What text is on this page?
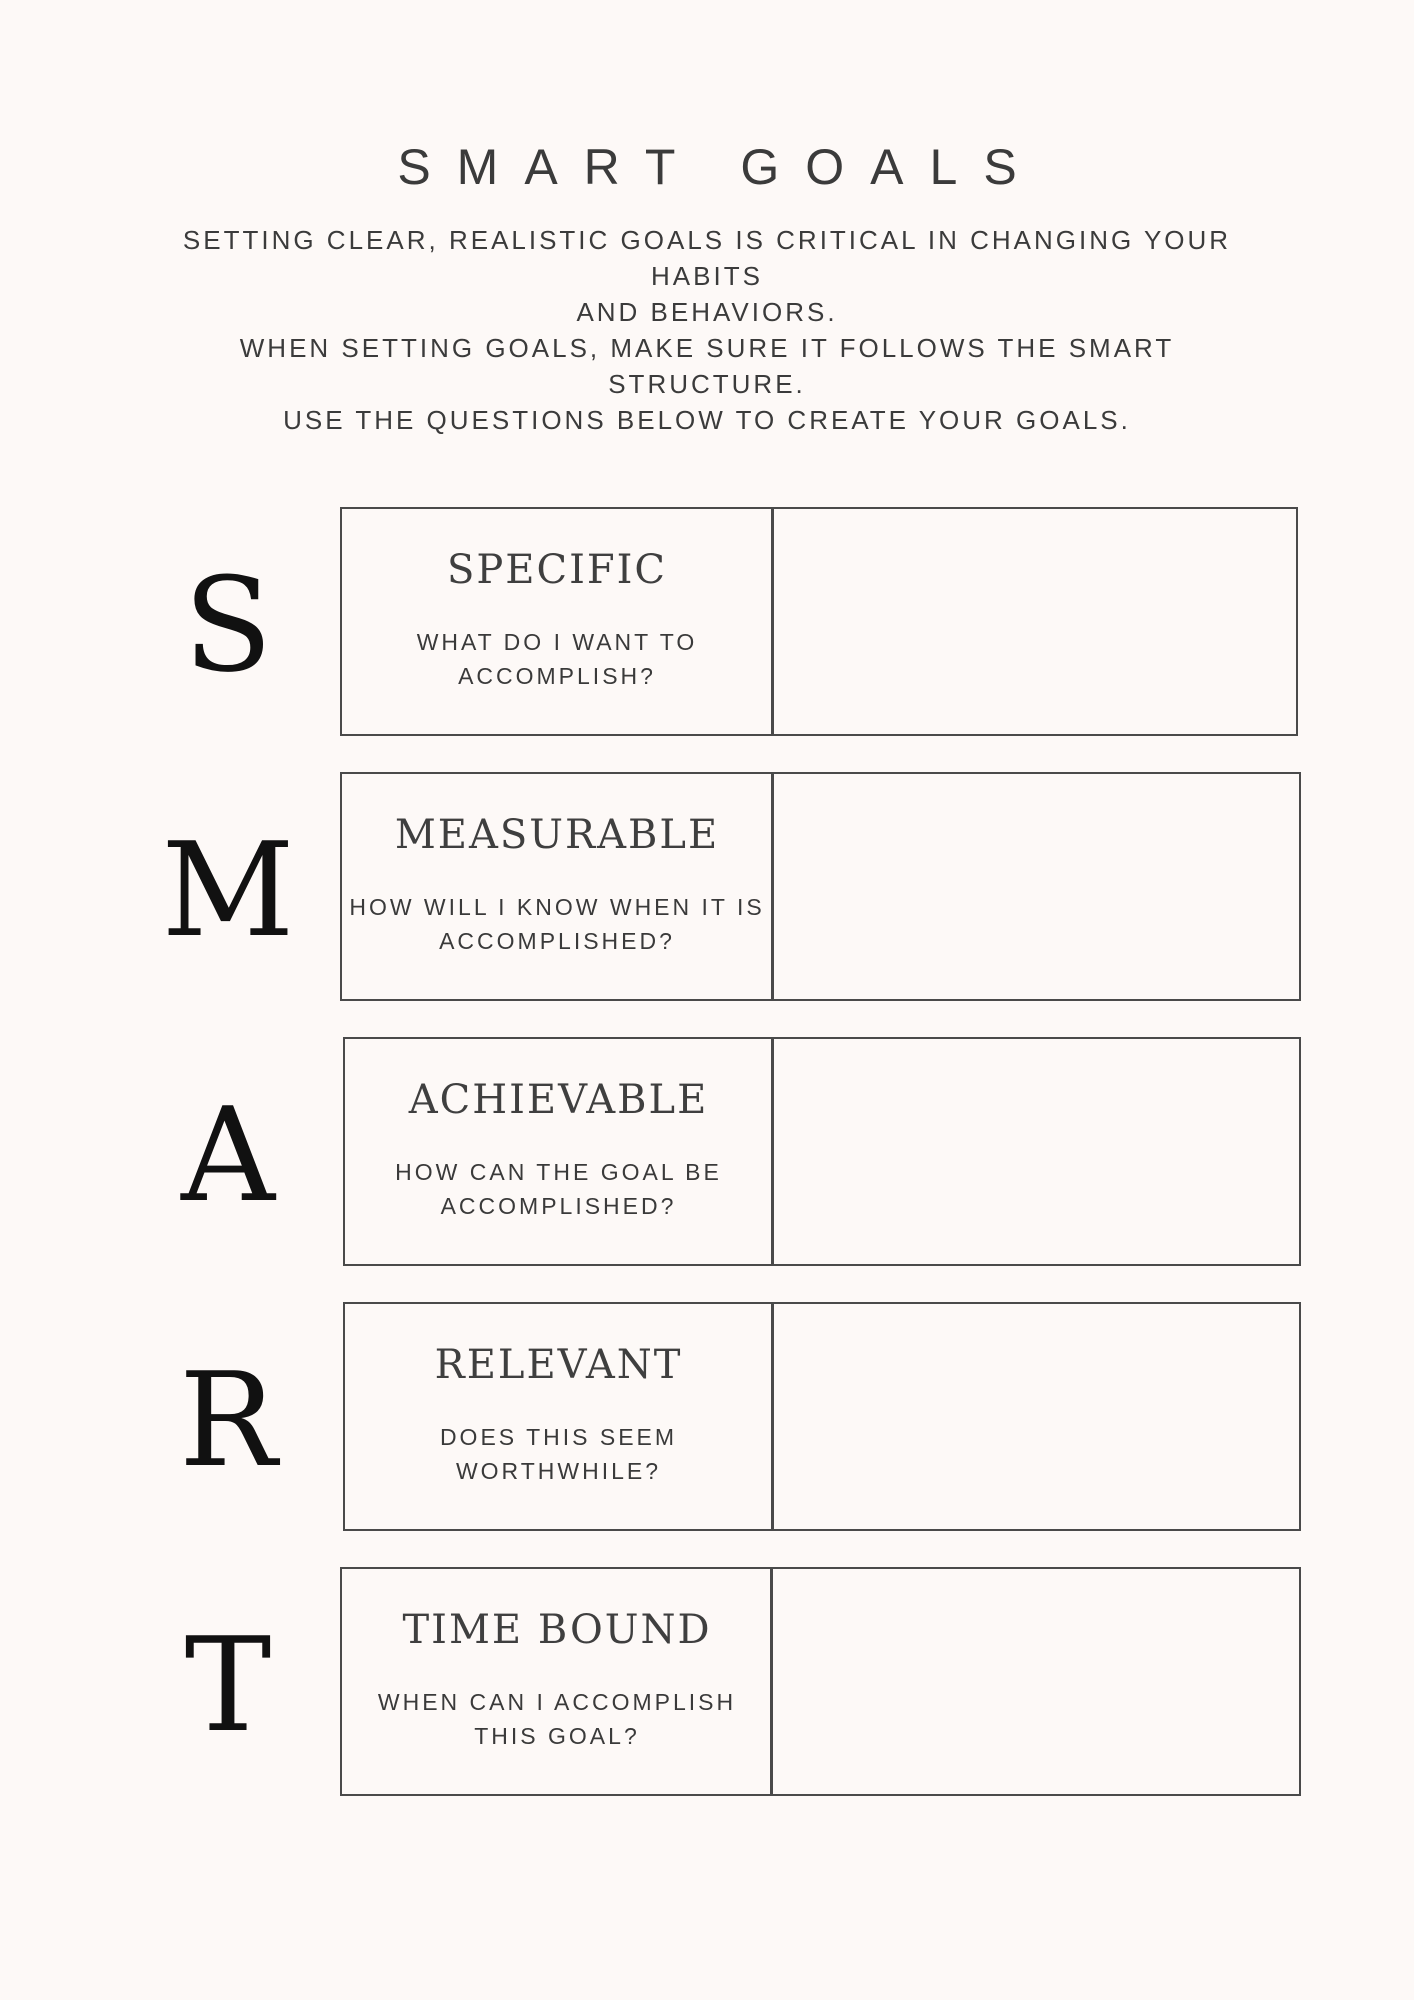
SMART GOALS
SETTING CLEAR, REALISTIC GOALS IS CRITICAL IN CHANGING YOUR HABITS
AND BEHAVIORS.
WHEN SETTING GOALS, MAKE SURE IT FOLLOWS THE SMART STRUCTURE.
USE THE QUESTIONS BELOW TO CREATE YOUR GOALS.
S	SPECIFIC
WHAT DO I WANT TO ACCOMPLISH?
M	MEASURABLE
HOW WILL I KNOW WHEN IT IS ACCOMPLISHED?
A	ACHIEVABLE
HOW CAN THE GOAL BE ACCOMPLISHED?
R	RELEVANT
DOES THIS SEEM WORTHWHILE?
T	TIME BOUND
WHEN CAN I ACCOMPLISH THIS GOAL?
